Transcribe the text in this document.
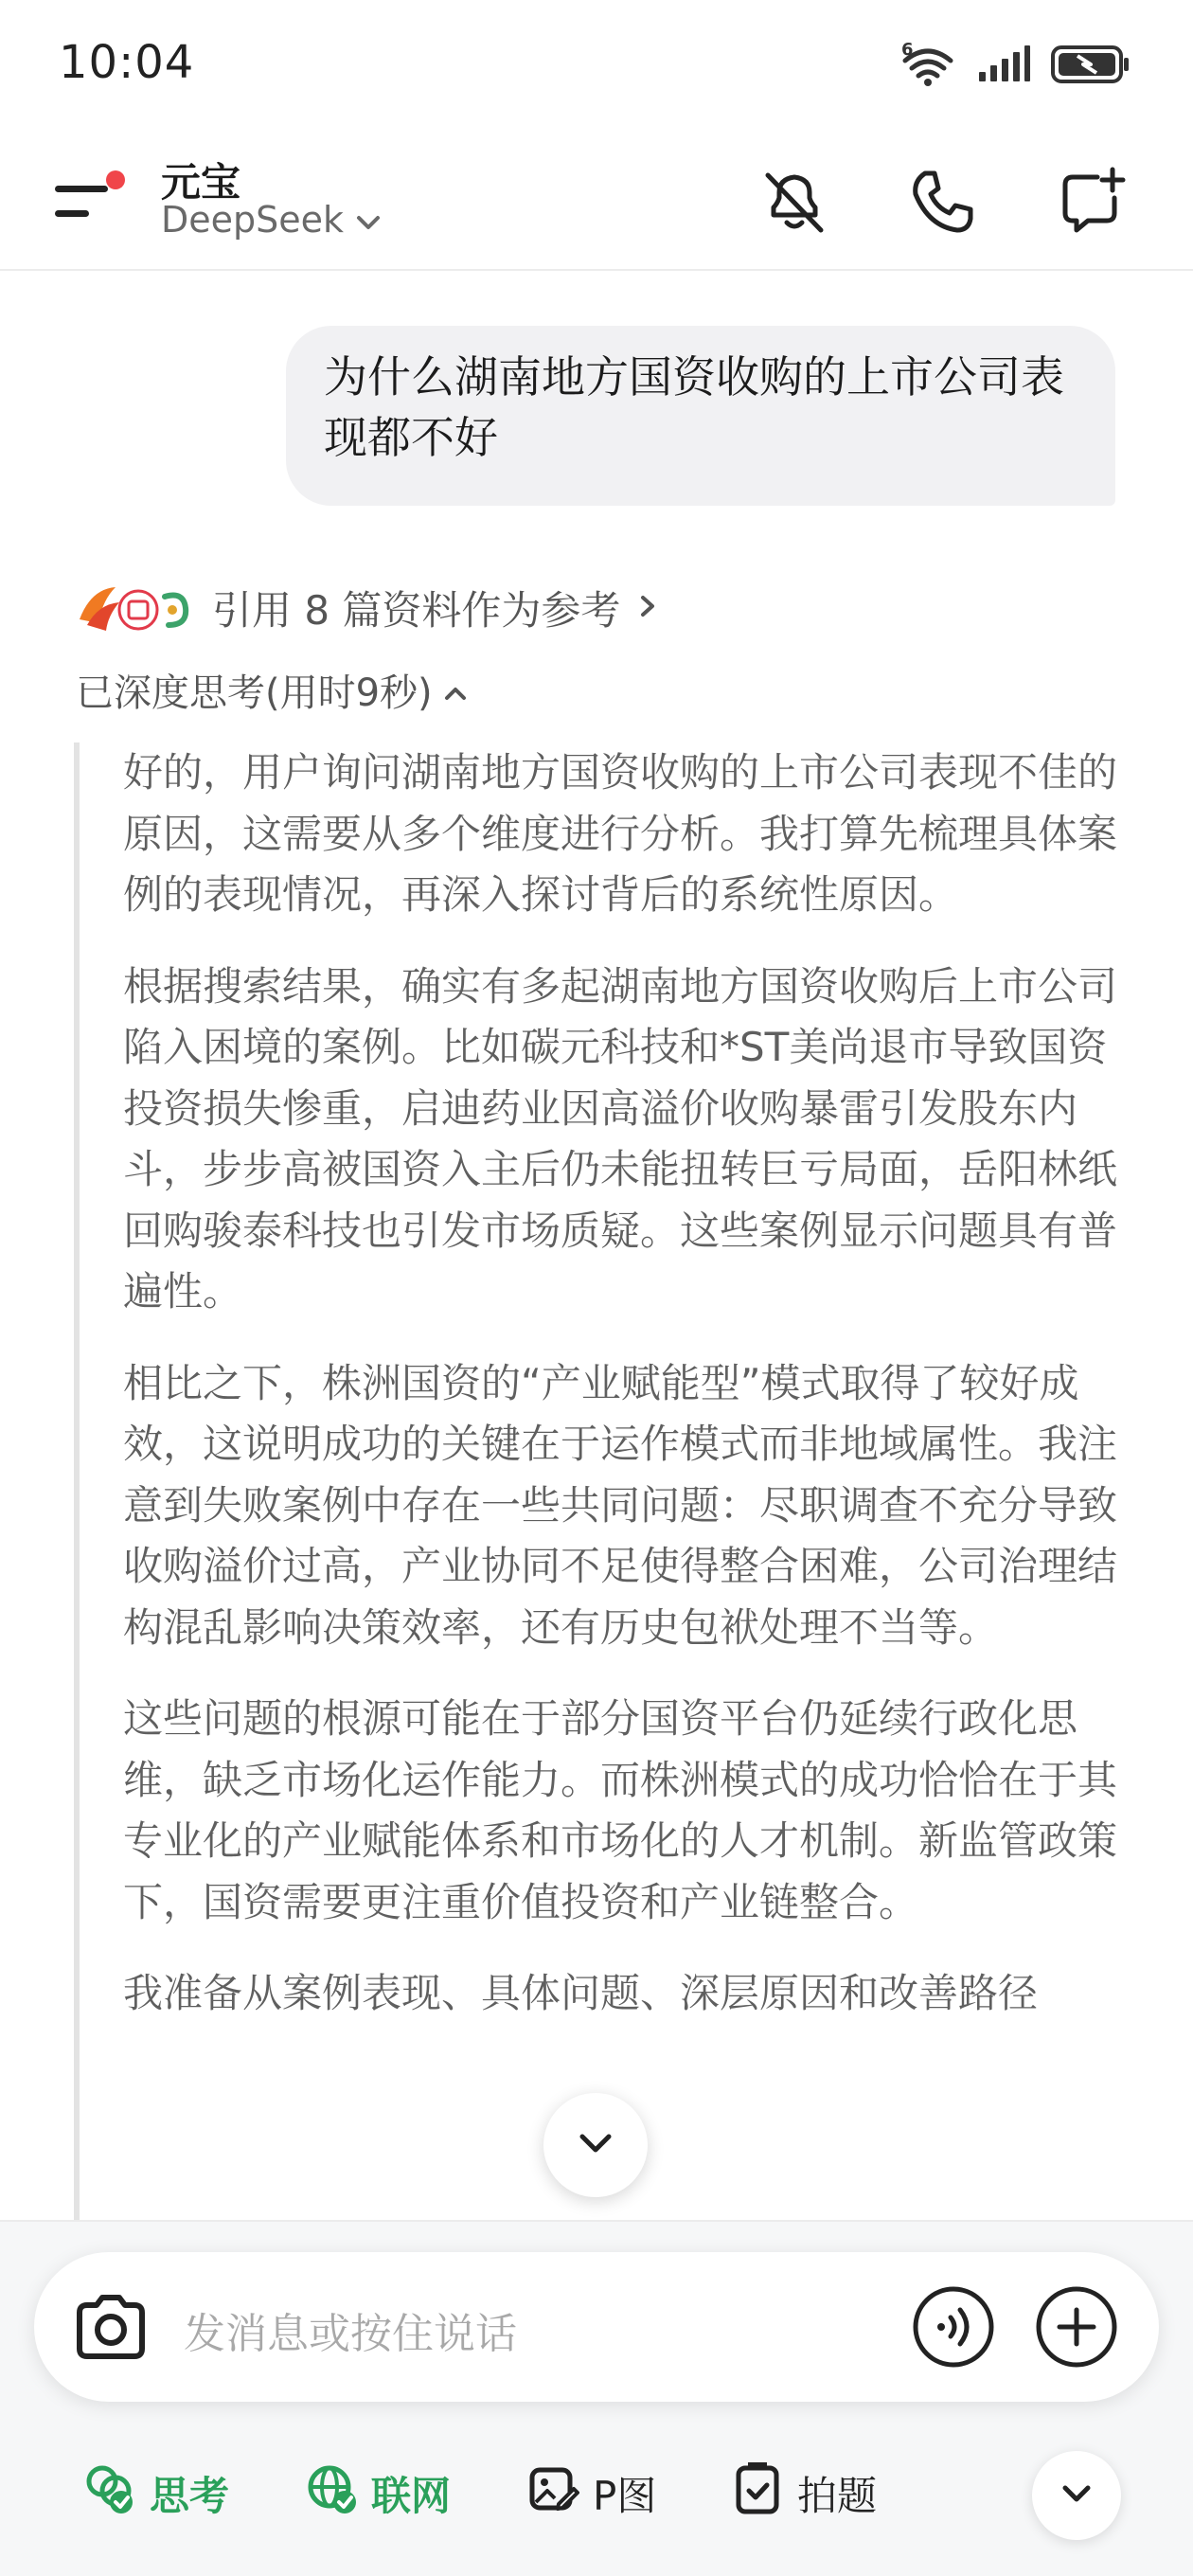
10:04	6
元宝
DeepSeek
为什么湖南地方国资收购的上市公司表现都不好
引用 8 篇资料作为参考
已深度思考(用时9秒)

好的，用户询问湖南地方国资收购的上市公司表现不佳的原因，这需要从多个维度进行分析。我打算先梳理具体案例的表现情况，再深入探讨背后的系统性原因。

根据搜索结果，确实有多起湖南地方国资收购后上市公司陷入困境的案例。比如碳元科技和*ST美尚退市导致国资投资损失惨重，启迪药业因高溢价收购暴雷引发股东内斗，步步高被国资入主后仍未能扭转巨亏局面，岳阳林纸回购骏泰科技也引发市场质疑。这些案例显示问题具有普遍性。

相比之下，株洲国资的“产业赋能型”模式取得了较好成效，这说明成功的关键在于运作模式而非地域属性。我注意到失败案例中存在一些共同问题：尽职调查不充分导致收购溢价过高，产业协同不足使得整合困难，公司治理结构混乱影响决策效率，还有历史包袱处理不当等。

这些问题的根源可能在于部分国资平台仍延续行政化思维，缺乏市场化运作能力。而株洲模式的成功恰恰在于其专业化的产业赋能体系和市场化的人才机制。新监管政策下，国资需要更注重价值投资和产业链整合。

我准备从案例表现、具体问题、深层原因和改善路径

发消息或按住说话
思考	联网	P图	拍题
